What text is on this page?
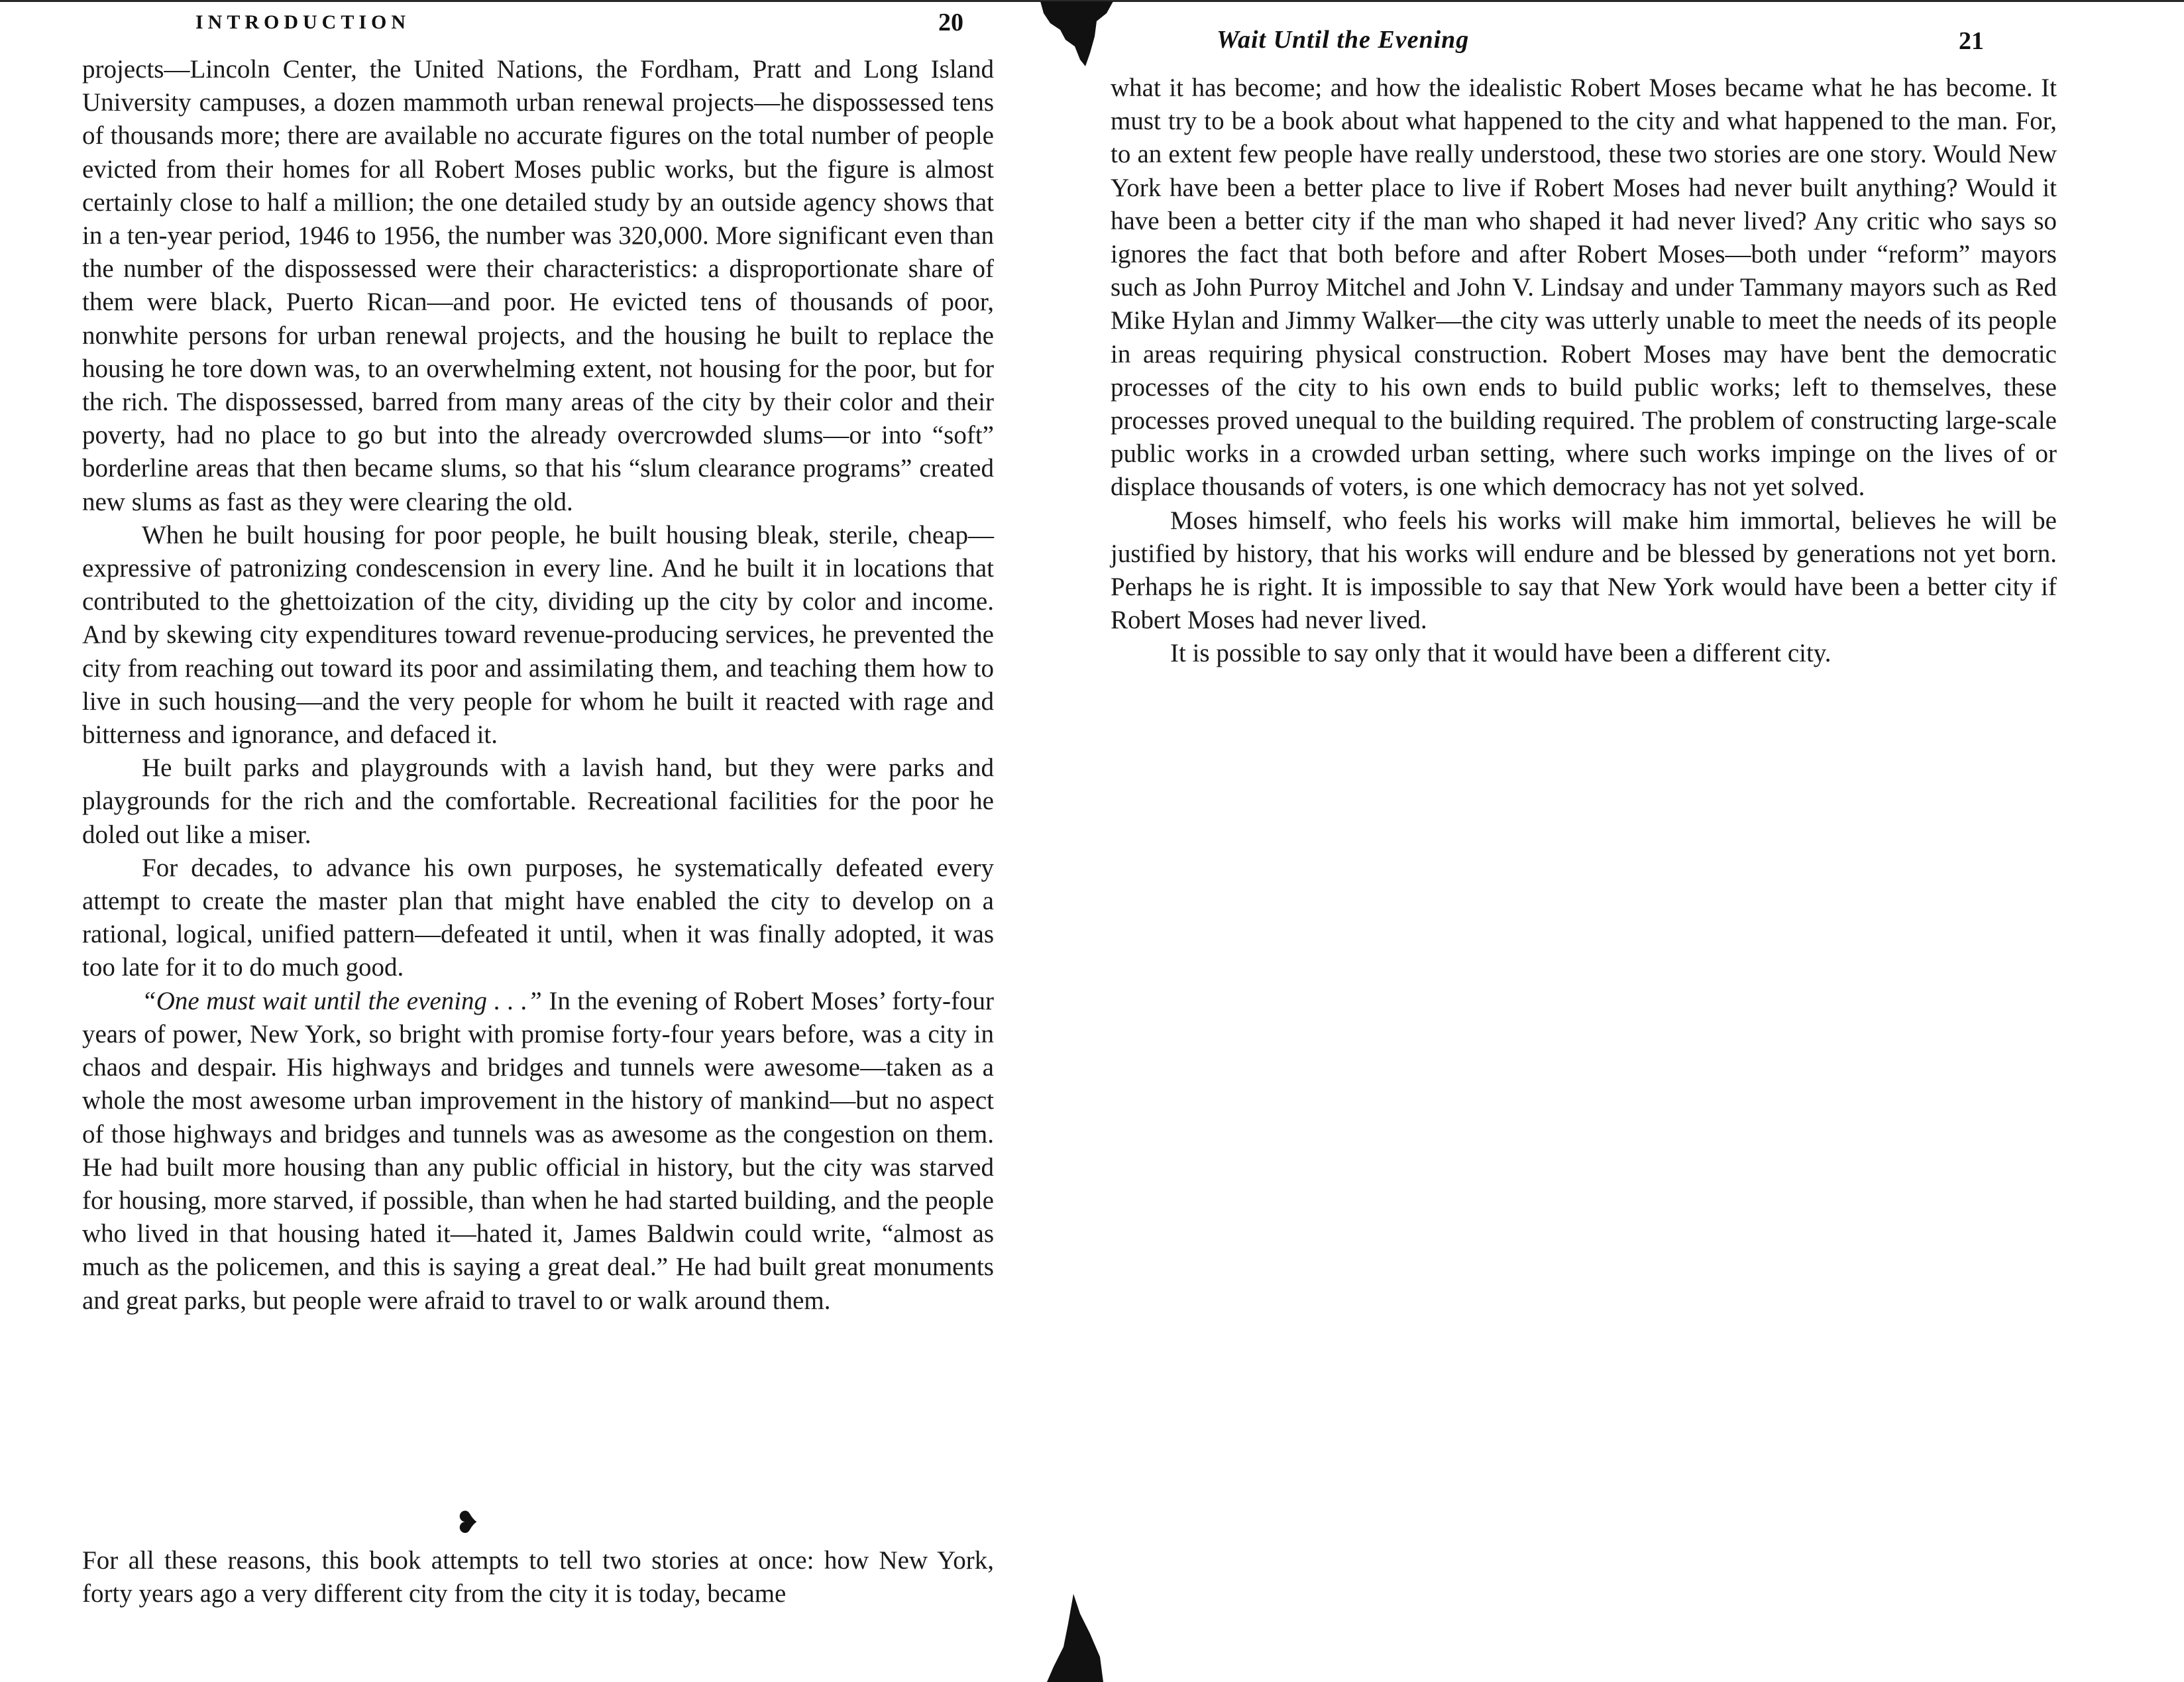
INTRODUCTION	20

projects—Lincoln Center, the United Nations, the Fordham, Pratt and Long Island University campuses, a dozen mammoth urban renewal projects—he dispossessed tens of thousands more; there are available no accurate figures on the total number of people evicted from their homes for all Robert Moses public works, but the figure is almost certainly close to half a million; the one detailed study by an outside agency shows that in a ten-year period, 1946 to 1956, the number was 320,000. More significant even than the number of the dispossessed were their characteristics: a disproportionate share of them were black, Puerto Rican—and poor. He evicted tens of thousands of poor, nonwhite persons for urban renewal projects, and the housing he built to replace the housing he tore down was, to an overwhelming extent, not housing for the poor, but for the rich. The dispossessed, barred from many areas of the city by their color and their poverty, had no place to go but into the already overcrowded slums—or into “soft” borderline areas that then became slums, so that his “slum clearance programs” created new slums as fast as they were clearing the old.

When he built housing for poor people, he built housing bleak, sterile, cheap—expressive of patronizing condescension in every line. And he built it in locations that contributed to the ghettoization of the city, dividing up the city by color and income. And by skewing city expenditures toward revenue-producing services, he prevented the city from reaching out toward its poor and assimilating them, and teaching them how to live in such housing—and the very people for whom he built it reacted with rage and bitterness and ignorance, and defaced it.

He built parks and playgrounds with a lavish hand, but they were parks and playgrounds for the rich and the comfortable. Recreational facilities for the poor he doled out like a miser.

For decades, to advance his own purposes, he systematically defeated every attempt to create the master plan that might have enabled the city to develop on a rational, logical, unified pattern—defeated it until, when it was finally adopted, it was too late for it to do much good.

“One must wait until the evening . . .” In the evening of Robert Moses’ forty-four years of power, New York, so bright with promise forty-four years before, was a city in chaos and despair. His highways and bridges and tunnels were awesome—taken as a whole the most awesome urban improvement in the history of mankind—but no aspect of those highways and bridges and tunnels was as awesome as the congestion on them. He had built more housing than any public official in history, but the city was starved for housing, more starved, if possible, than when he had started building, and the people who lived in that housing hated it—hated it, James Baldwin could write, “almost as much as the policemen, and this is saying a great deal.” He had built great monuments and great parks, but people were afraid to travel to or walk around them.

❥

For all these reasons, this book attempts to tell two stories at once: how New York, forty years ago a very different city from the city it is today, became

Wait Until the Evening	21

what it has become; and how the idealistic Robert Moses became what he has become. It must try to be a book about what happened to the city and what happened to the man. For, to an extent few people have really understood, these two stories are one story. Would New York have been a better place to live if Robert Moses had never built anything? Would it have been a better city if the man who shaped it had never lived? Any critic who says so ignores the fact that both before and after Robert Moses—both under “reform” mayors such as John Purroy Mitchel and John V. Lindsay and under Tammany mayors such as Red Mike Hylan and Jimmy Walker—the city was utterly unable to meet the needs of its people in areas requiring physical construction. Robert Moses may have bent the democratic processes of the city to his own ends to build public works; left to themselves, these processes proved unequal to the building required. The problem of constructing large-scale public works in a crowded urban setting, where such works impinge on the lives of or displace thousands of voters, is one which democracy has not yet solved.

Moses himself, who feels his works will make him immortal, believes he will be justified by history, that his works will endure and be blessed by generations not yet born. Perhaps he is right. It is impossible to say that New York would have been a better city if Robert Moses had never lived.

It is possible to say only that it would have been a different city.
